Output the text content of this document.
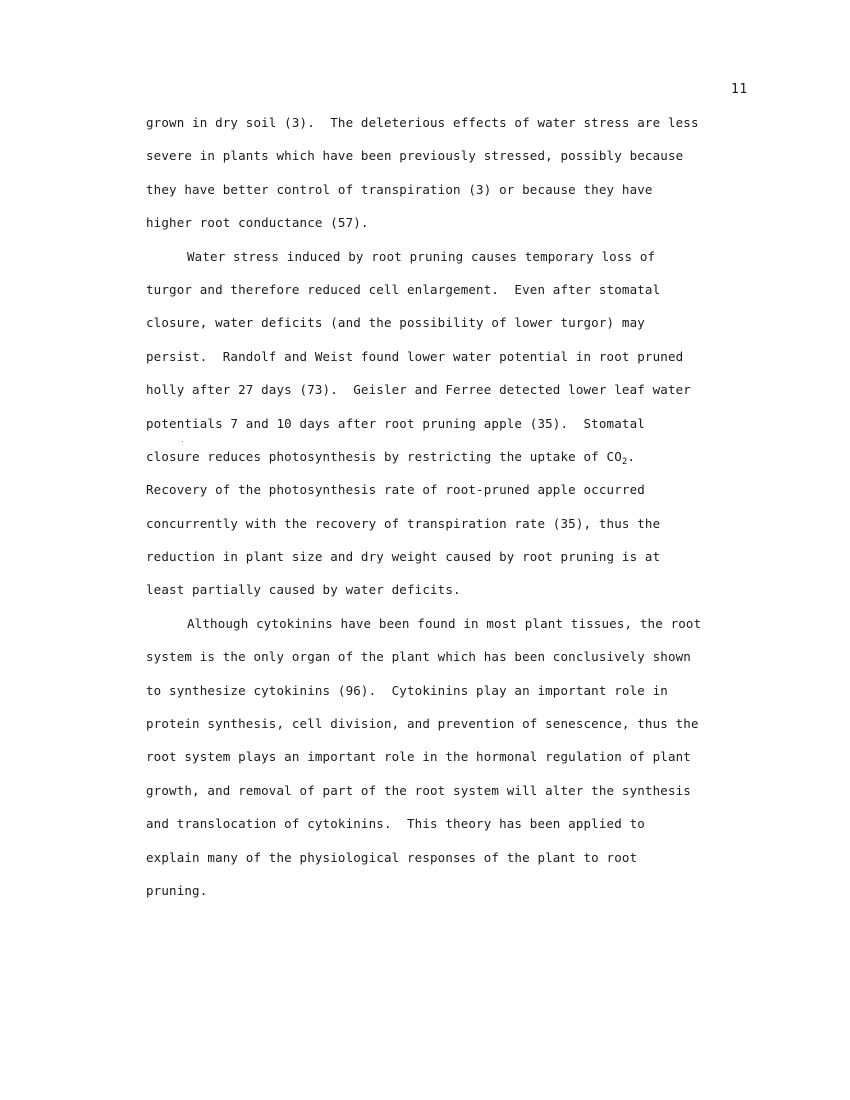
11
grown in dry soil (3).  The deleterious effects of water stress are less
severe in plants which have been previously stressed, possibly because
they have better control of transpiration (3) or because they have
higher root conductance (57).
Water stress induced by root pruning causes temporary loss of
turgor and therefore reduced cell enlargement.  Even after stomatal
closure, water deficits (and the possibility of lower turgor) may
persist.  Randolf and Weist found lower water potential in root pruned
holly after 27 days (73).  Geisler and Ferree detected lower leaf water
potentials 7 and 10 days after root pruning apple (35).  Stomatal
closure reduces photosynthesis by restricting the uptake of $CO_2$.
Recovery of the photosynthesis rate of root-pruned apple occurred
concurrently with the recovery of transpiration rate (35), thus the
reduction in plant size and dry weight caused by root pruning is at
least partially caused by water deficits.
Although cytokinins have been found in most plant tissues, the root
system is the only organ of the plant which has been conclusively shown
to synthesize cytokinins (96).  Cytokinins play an important role in
protein synthesis, cell division, and prevention of senescence, thus the
root system plays an important role in the hormonal regulation of plant
growth, and removal of part of the root system will alter the synthesis
and translocation of cytokinins.  This theory has been applied to
explain many of the physiological responses of the plant to root
pruning.
